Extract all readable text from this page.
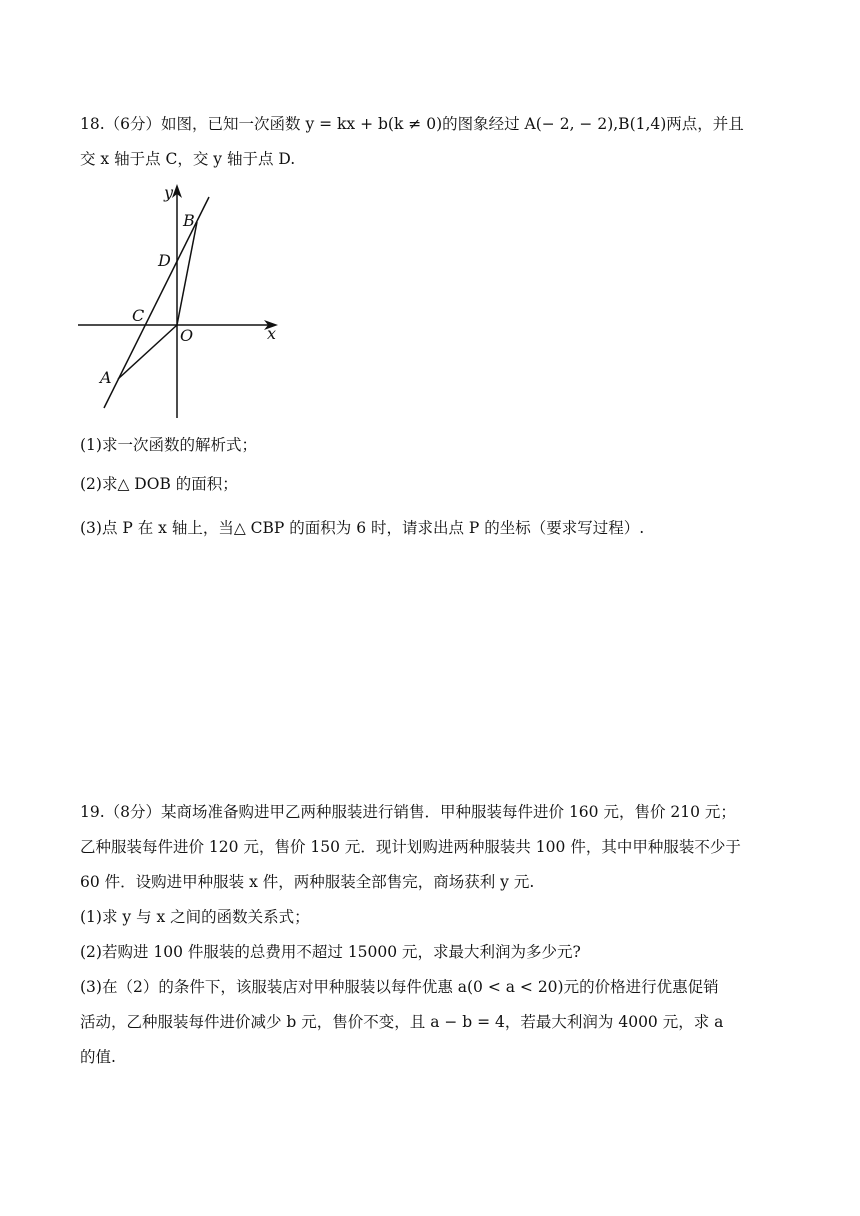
18.（6分）如图，已知一次函数 y = kx + b(k ≠ 0)的图象经过 A(− 2, − 2),B(1,4)两点，并且
交 x 轴于点 C，交 y 轴于点 D.
(1)求一次函数的解析式；
(2)求△ DOB 的面积；
(3)点 P 在 x 轴上，当△ CBP 的面积为 6 时，请求出点 P 的坐标（要求写过程）.
y
x
O
A
B
C
D
19.（8分）某商场准备购进甲乙两种服装进行销售．甲种服装每件进价 160 元，售价 210 元；
乙种服装每件进价 120 元，售价 150 元．现计划购进两种服装共 100 件，其中甲种服装不少于
60 件．设购进甲种服装 x 件，两种服装全部售完，商场获利 y 元.
(1)求 y 与 x 之间的函数关系式；
(2)若购进 100 件服装的总费用不超过 15000 元，求最大利润为多少元?
(3)在（2）的条件下，该服装店对甲种服装以每件优惠 a(0 < a < 20)元的价格进行优惠促销
活动，乙种服装每件进价减少 b 元，售价不变，且 a − b = 4，若最大利润为 4000 元，求 a
的值.
